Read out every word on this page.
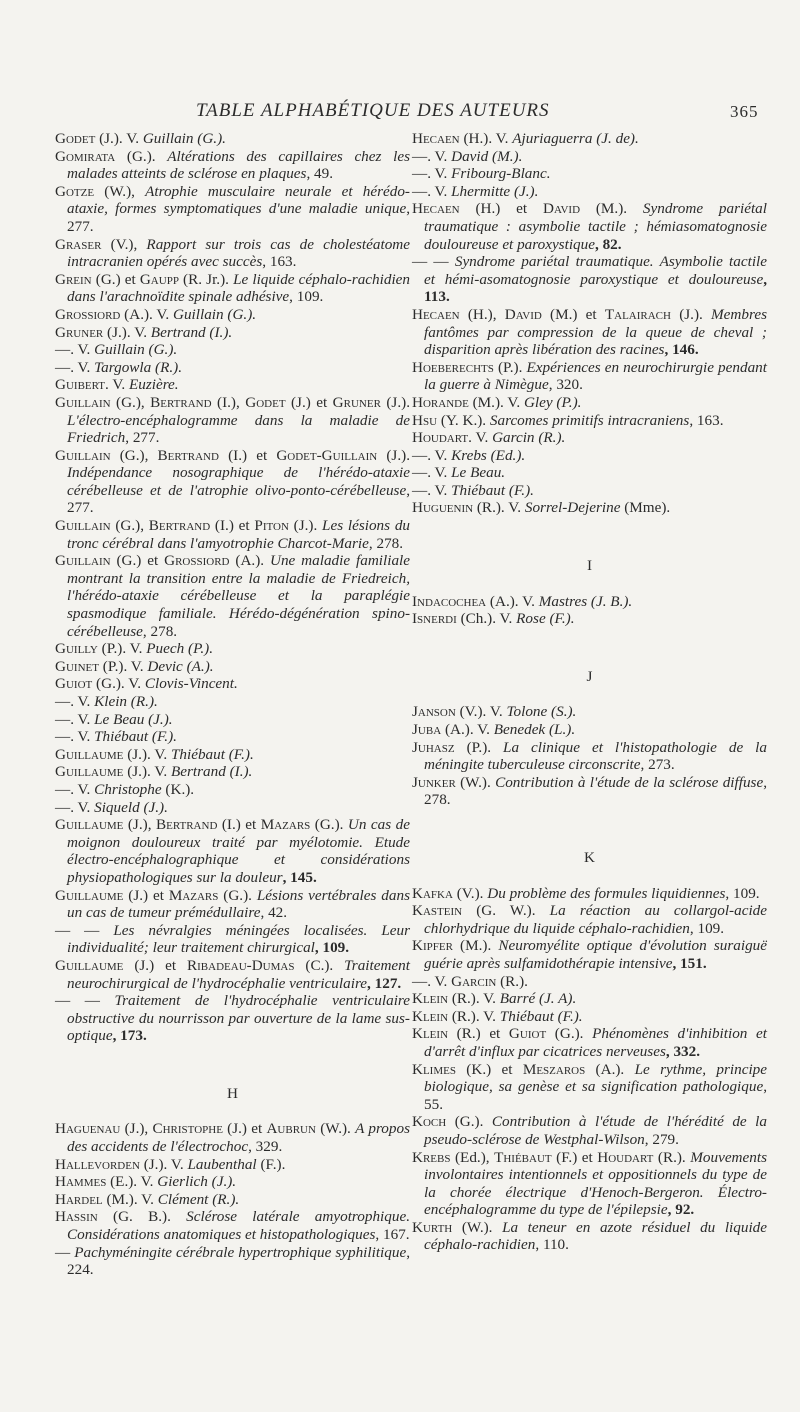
TABLE ALPHABÉTIQUE DES AUTEURS	365

Godet (J.). V. Guillain (G.).

Gomirata (G.). Altérations des capillaires chez les malades atteints de sclérose en plaques, 49.

Gotze (W.), Atrophie musculaire neurale et hérédo-ataxie, formes symptomatiques d'une maladie unique, 277.

Graser (V.), Rapport sur trois cas de cholestéatome intracranien opérés avec succès, 163.

Grein (G.) et Gaupp (R. Jr.). Le liquide céphalo-rachidien dans l'arachnoïdite spinale adhésive, 109.

Grossiord (A.). V. Guillain (G.).

Gruner (J.). V. Bertrand (I.).

—. V. Guillain (G.).

—. V. Targowla (R.).

Guibert. V. Euzière.

Guillain (G.), Bertrand (I.), Godet (J.) et Gruner (J.). L'électro-encéphalogramme dans la maladie de Friedrich, 277.

Guillain (G.), Bertrand (I.) et Godet-Guillain (J.). Indépendance nosographique de l'hérédo-ataxie cérébelleuse et de l'atrophie olivo-ponto-cérébelleuse, 277.

Guillain (G.), Bertrand (I.) et Piton (J.). Les lésions du tronc cérébral dans l'amyotrophie Charcot-Marie, 278.

Guillain (G.) et Grossiord (A.). Une maladie familiale montrant la transition entre la maladie de Friedreich, l'hérédo-ataxie cérébelleuse et la paraplégie spasmodique familiale. Hérédo-dégénération spino-cérébelleuse, 278.

Guilly (P.). V. Puech (P.).

Guinet (P.). V. Devic (A.).

Guiot (G.). V. Clovis-Vincent.

—. V. Klein (R.).

—. V. Le Beau (J.).

—. V. Thiébaut (F.).

Guillaume (J.). V. Thiébaut (F.).

Guillaume (J.). V. Bertrand (I.).

—. V. Christophe (K.).

—. V. Siqueld (J.).

Guillaume (J.), Bertrand (I.) et Mazars (G.). Un cas de moignon douloureux traité par myélotomie. Etude électro-encéphalographique et considérations physiopathologiques sur la douleur, 145.

Guillaume (J.) et Mazars (G.). Lésions vertébrales dans un cas de tumeur prémédullaire, 42.

— — Les névralgies méningées localisées. Leur individualité; leur traitement chirurgical, 109.

Guillaume (J.) et Ribadeau-Dumas (C.). Traitement neurochirurgical de l'hydrocéphalie ventriculaire, 127.

— — Traitement de l'hydrocéphalie ventriculaire obstructive du nourrisson par ouverture de la lame sus-optique, 173.

H

Haguenau (J.), Christophe (J.) et Aubrun (W.). A propos des accidents de l'électrochoc, 329.

Hallevorden (J.). V. Laubenthal (F.).

Hammes (E.). V. Gierlich (J.).

Hardel (M.). V. Clément (R.).

Hassin (G. B.). Sclérose latérale amyotrophique. Considérations anatomiques et histopathologiques, 167.

— Pachyméningite cérébrale hypertrophique syphilitique, 224.

Hecaen (H.). V. Ajuriaguerra (J. de).

—. V. David (M.).

—. V. Fribourg-Blanc.

—. V. Lhermitte (J.).

Hecaen (H.) et David (M.). Syndrome pariétal traumatique : asymbolie tactile ; hémiasomatognosie douloureuse et paroxystique, 82.

— — Syndrome pariétal traumatique. Asymbolie tactile et hémi-asomatognosie paroxystique et douloureuse, 113.

Hecaen (H.), David (M.) et Talairach (J.). Membres fantômes par compression de la queue de cheval ; disparition après libération des racines, 146.

Hoeberechts (P.). Expériences en neurochirurgie pendant la guerre à Nimègue, 320.

Horande (M.). V. Gley (P.).

Hsu (Y. K.). Sarcomes primitifs intracraniens, 163.

Houdart. V. Garcin (R.).

—. V. Krebs (Ed.).

—. V. Le Beau.

—. V. Thiébaut (F.).

Huguenin (R.). V. Sorrel-Dejerine (Mme).

I

Indacochea (A.). V. Mastres (J. B.).

Isnerdi (Ch.). V. Rose (F.).

J

Janson (V.). V. Tolone (S.).

Juba (A.). V. Benedek (L.).

Juhasz (P.). La clinique et l'histopathologie de la méningite tuberculeuse circonscrite, 273.

Junker (W.). Contribution à l'étude de la sclérose diffuse, 278.

K

Kafka (V.). Du problème des formules liquidiennes, 109.

Kastein (G. W.). La réaction au collargol-acide chlorhydrique du liquide céphalo-rachidien, 109.

Kipfer (M.). Neuromyélite optique d'évolution suraiguë guérie après sulfamidothérapie intensive, 151.

—. V. Garcin (R.).

Klein (R.). V. Barré (J. A).

Klein (R.). V. Thiébaut (F.).

Klein (R.) et Guiot (G.). Phénomènes d'inhibition et d'arrêt d'influx par cicatrices nerveuses, 332.

Klimes (K.) et Meszaros (A.). Le rythme, principe biologique, sa genèse et sa signification pathologique, 55.

Koch (G.). Contribution à l'étude de l'hérédité de la pseudo-sclérose de Westphal-Wilson, 279.

Krebs (Ed.), Thiébaut (F.) et Houdart (R.). Mouvements involontaires intentionnels et oppositionnels du type de la chorée électrique d'Henoch-Bergeron. Électro-encéphalogramme du type de l'épilepsie, 92.

Kurth (W.). La teneur en azote résiduel du liquide céphalo-rachidien, 110.
